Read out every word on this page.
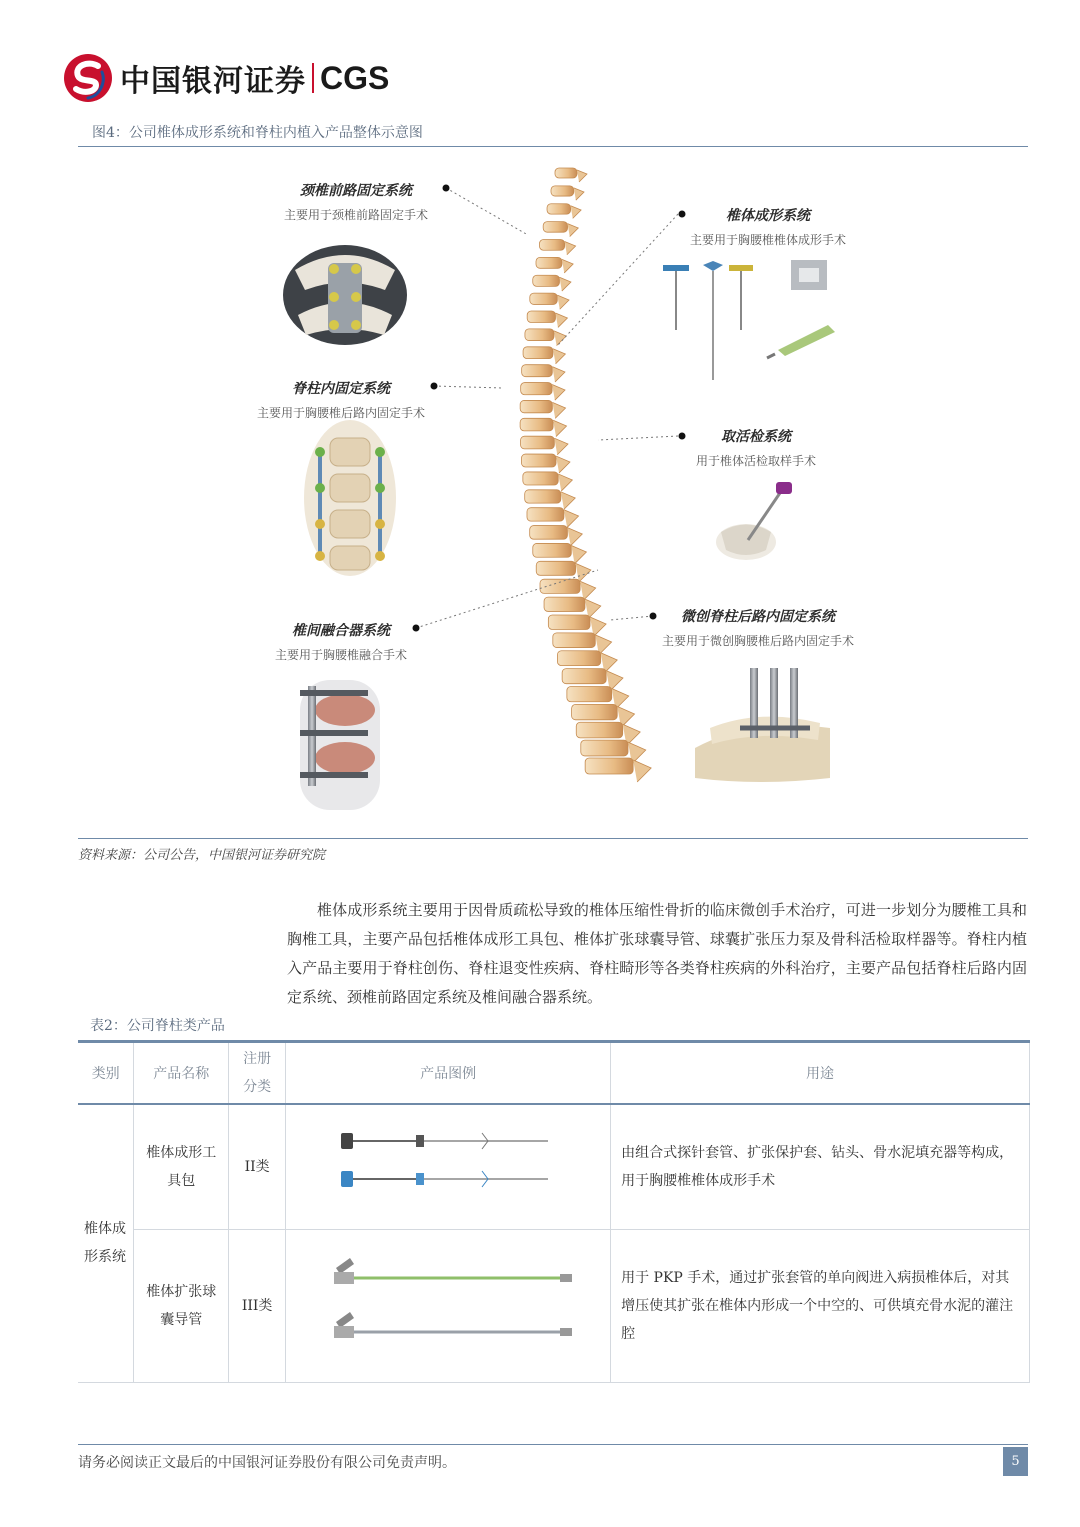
中国银河证券 CGS
图4：公司椎体成形系统和脊柱内植入产品整体示意图
颈椎前路固定系统
主要用于颈椎前路固定手术	椎体成形系统
主要用于胸腰椎椎体成形手术
脊柱内固定系统
主要用于胸腰椎后路内固定手术
取活检系统
用于椎体活检取样手术
椎间融合器系统
主要用于胸腰椎融合手术
微创脊柱后路内固定系统
主要用于微创胸腰椎后路内固定手术
资料来源：公司公告，中国银河证券研究院

椎体成形系统主要用于因骨质疏松导致的椎体压缩性骨折的临床微创手术治疗，可进一步划分为腰椎工具和胸椎工具，主要产品包括椎体成形工具包、椎体扩张球囊导管、球囊扩张压力泵及骨科活检取样器等。脊柱内植入产品主要用于脊柱创伤、脊柱退变性疾病、脊柱畸形等各类脊柱疾病的外科治疗，主要产品包括脊柱后路内固定系统、颈椎前路固定系统及椎间融合器系统。

表2：公司脊柱类产品
类别	产品名称	注册分类	产品图例	用途
椎体成形系统	椎体成形工具包	II类		由组合式探针套管、扩张保护套、钻头、骨水泥填充器等构成，用于胸腰椎椎体成形手术
	椎体扩张球囊导管	III类		用于 PKP 手术，通过扩张套管的单向阀进入病损椎体后，对其增压使其扩张在椎体内形成一个中空的、可供填充骨水泥的灌注腔
请务必阅读正文最后的中国银河证券股份有限公司免责声明。	5
